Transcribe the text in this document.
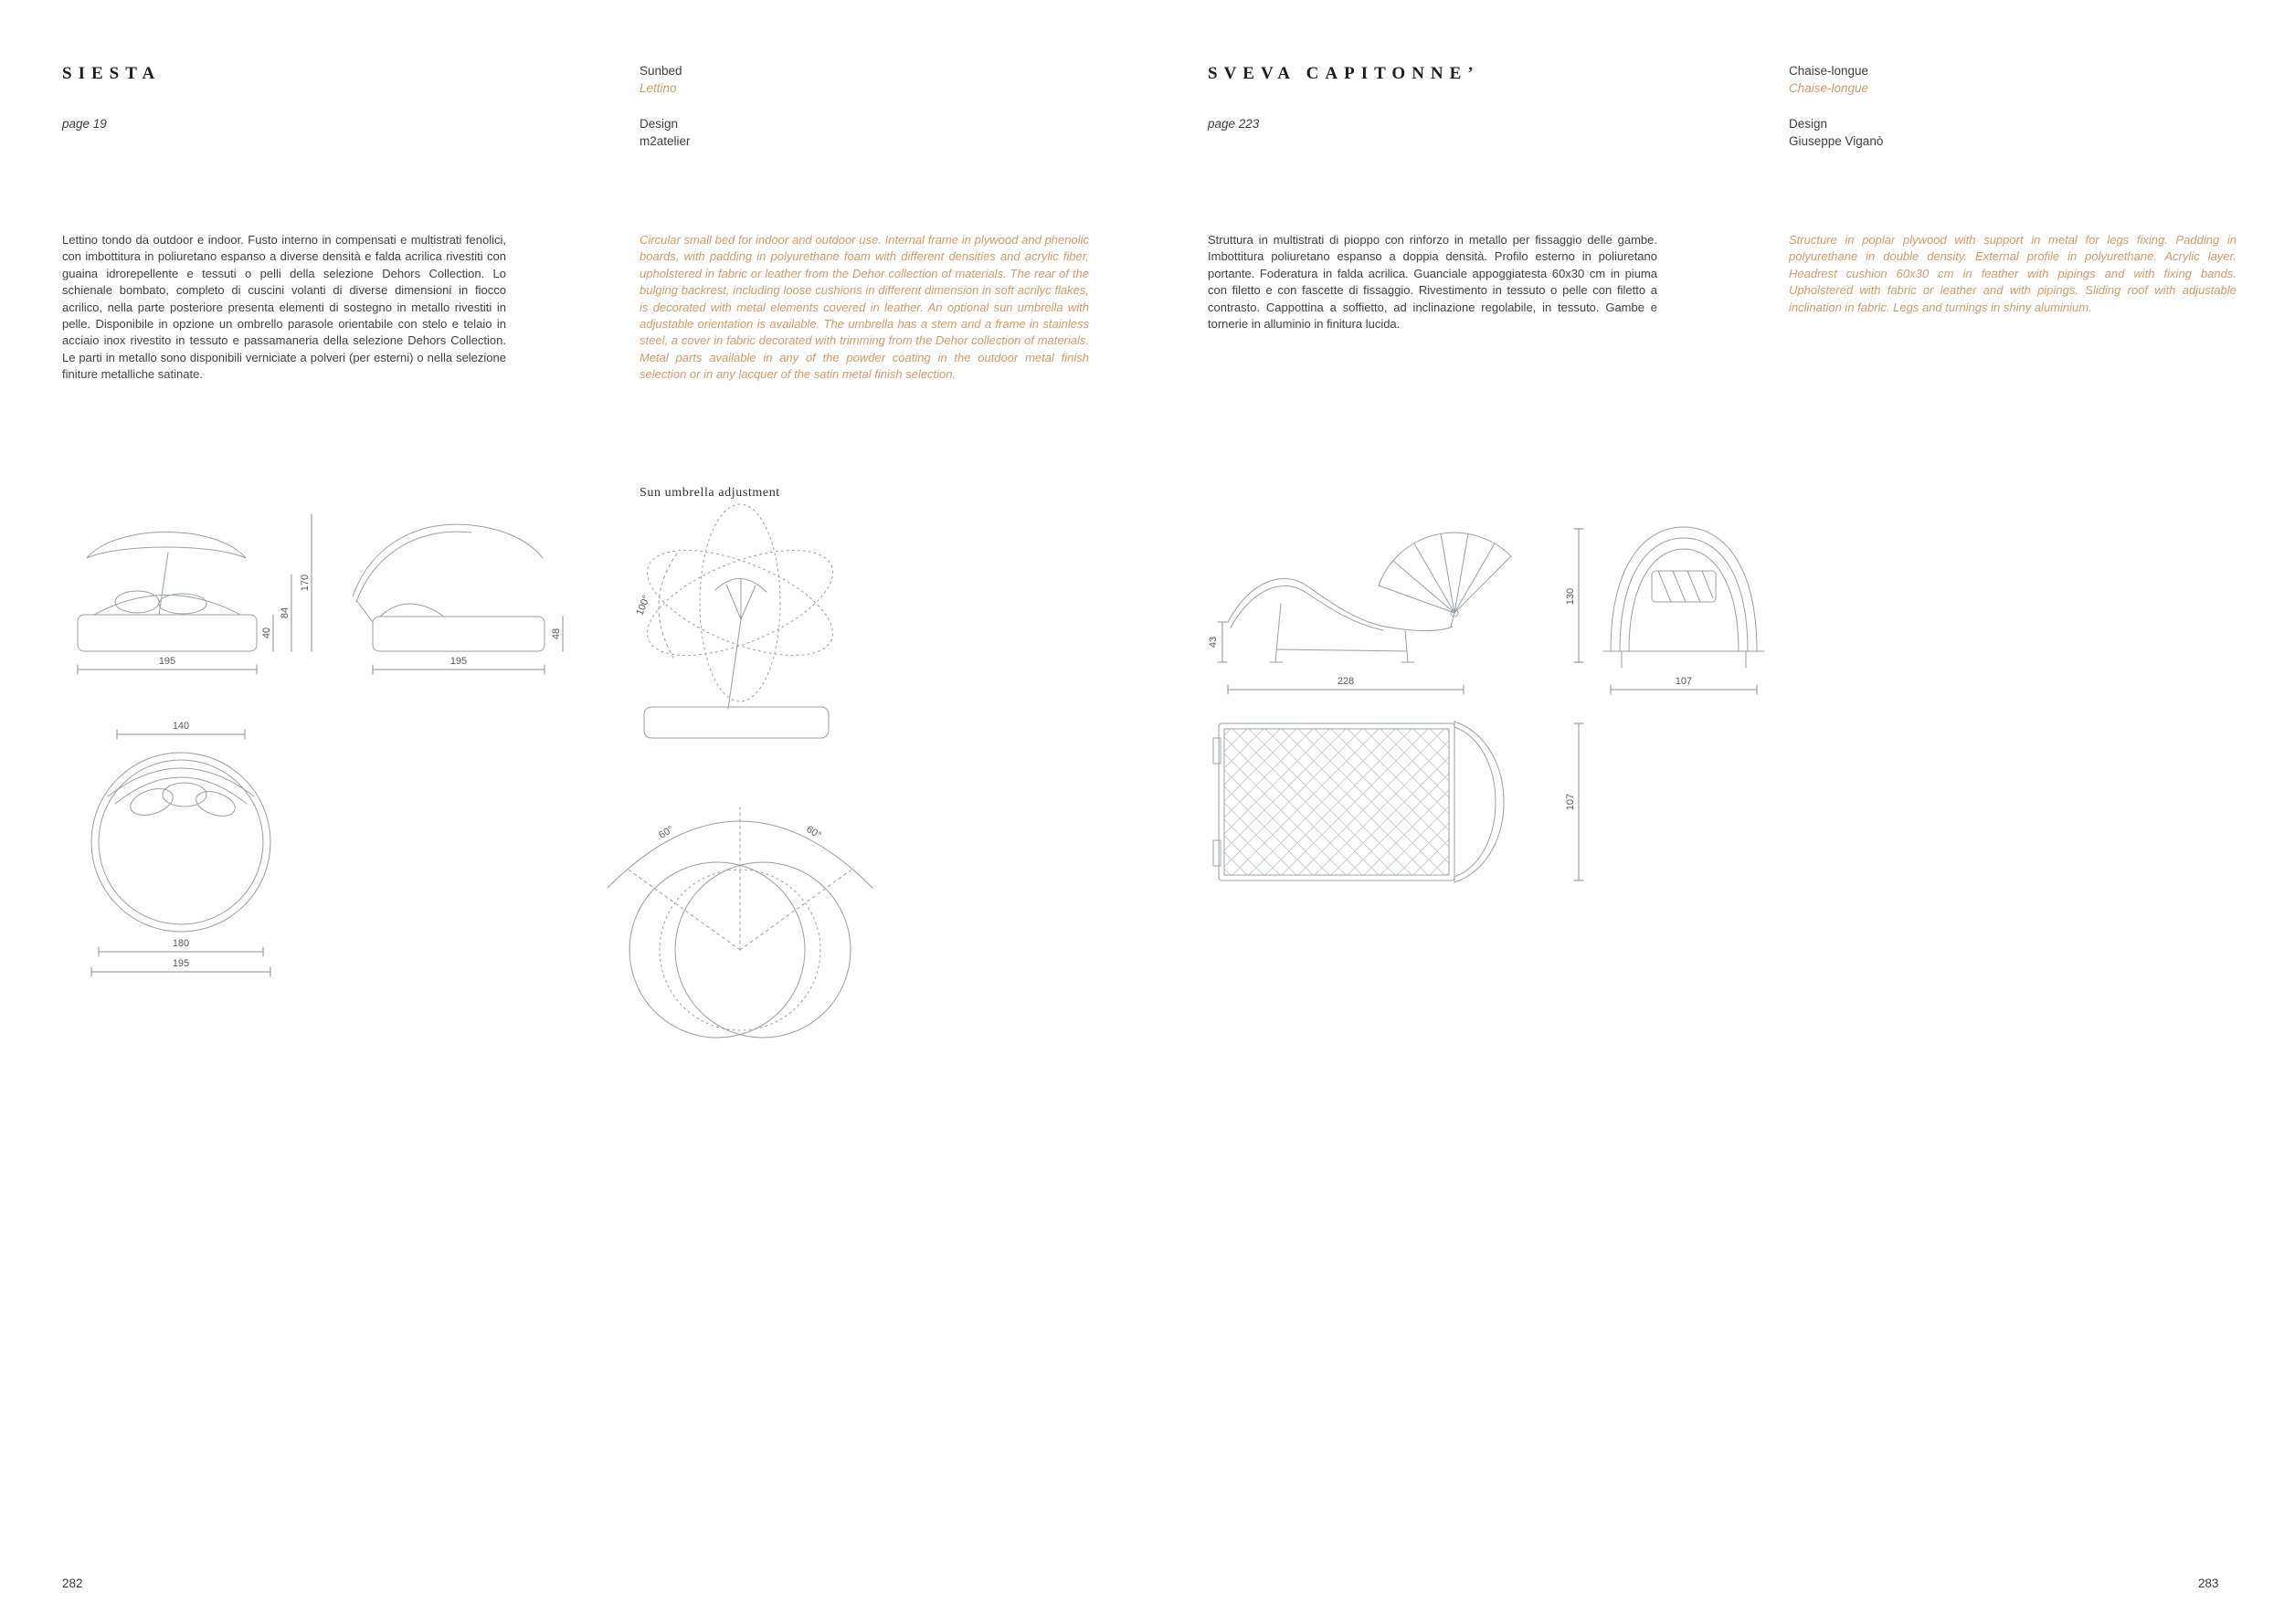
SIESTA
page 19
Sunbed
Lettino
Design
m2atelier
Lettino tondo da outdoor e indoor. Fusto interno in compensati e multistrati fenolici, con imbottitura in poliuretano espanso a diverse densità e falda acrilica rivestiti con guaina idrorepellente e tessuti o pelli della selezione Dehors Collection. Lo schienale bombato, completo di cuscini volanti di diverse dimensioni in fiocco acrilico, nella parte posteriore presenta elementi di sostegno in metallo rivestiti in pelle. Disponibile in opzione un ombrello parasole orientabile con stelo e telaio in acciaio inox rivestito in tessuto e passamaneria della selezione Dehors Collection. Le parti in metallo sono disponibili verniciate a polveri (per esterni) o nella selezione finiture metalliche satinate.
Circular small bed for indoor and outdoor use. Internal frame in plywood and phenolic boards, with padding in polyurethane foam with different densities and acrylic fiber, upholstered in fabric or leather from the Dehor collection of materials. The rear of the bulging backrest, including loose cushions in different dimension in soft acrilyc flakes, is decorated with metal elements covered in leather. An optional sun umbrella with adjustable orientation is available. The umbrella has a stem and a frame in stainless steel, a cover in fabric decorated with trimming from the Dehor collection of materials. Metal parts available in any of the powder coating in the outdoor metal finish selection or in any lacquer of the satin metal finish selection.
Sun umbrella adjustment
195
40
84
170
195
48
140
180
195
100°
60°	60°
282
SVEVA CAPITONNE’
page 223
Chaise-longue
Chaise-longue
Design
Giuseppe Viganò
Struttura in multistrati di pioppo con rinforzo in metallo per fissaggio delle gambe. Imbottitura poliuretano espanso a doppia densità. Profilo esterno in poliuretano portante. Foderatura in falda acrilica. Guanciale appoggiatesta 60x30 cm in piuma con filetto e con fascette di fissaggio. Rivestimento in tessuto o pelle con filetto a contrasto. Cappottina a soffietto, ad inclinazione regolabile, in tessuto. Gambe e tornerie in alluminio in finitura lucida.
Structure in poplar plywood with support in metal for legs fixing. Padding in polyurethane in double density. External profile in polyurethane. Acrylic layer. Headrest cushion 60x30 cm in feather with pipings and with fixing bands. Upholstered with fabric or leather and with pipings. Sliding roof with adjustable inclination in fabric. Legs and turnings in shiny aluminium.
43
228
130
107
107
283
